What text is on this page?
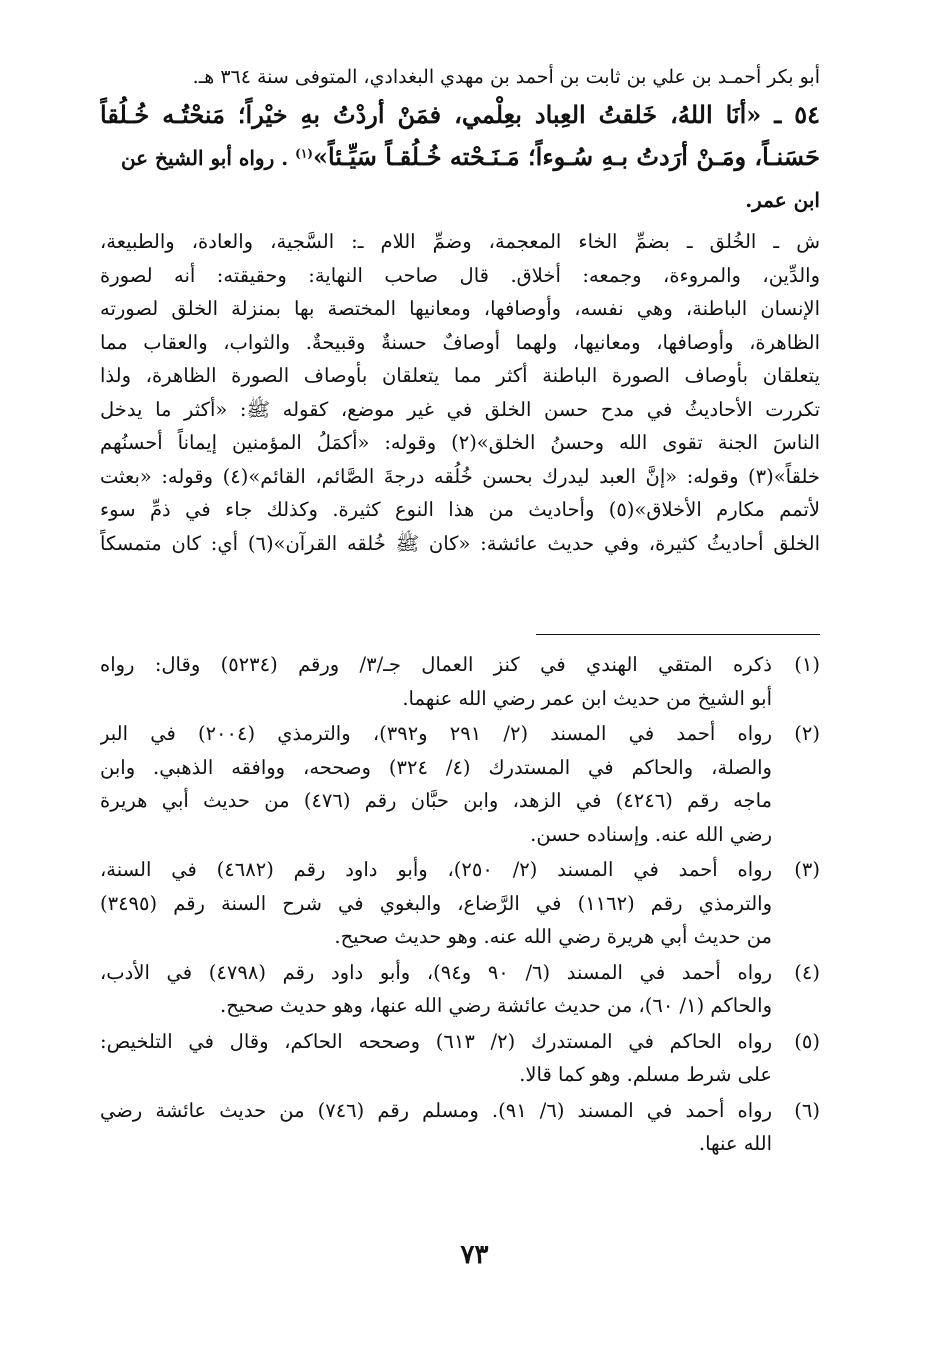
أبو بكر أحمـد بن علي بن ثابت بن أحمد بن مهدي البغدادي، المتوفى سنة ٣٦٤ هـ.
٥٤ ـ «أنَا اللهُ، خَلقتُ العِباد بعِلْمي، فمَنْ أردْتُ بهِ خيْراً؛ مَنحْتُـه خُـلُقاً
حَسَنـاً، ومَـنْ أرَدتُ بـهِ سُـوءاً؛ مَـنَـحْته خُـلُقـاً سَيِّـئاً»$^{(١)}$ . رواه أبو الشيخ عن
ابن عمر.
ش ـ الخُلق ـ بضمِّ الخاء المعجمة، وضمِّ اللام ـ: السَّجية، والعادة، والطبيعة،
والدِّين، والمروءة، وجمعه: أخلاق. قال صاحب النهاية: وحقيقته: أنه لصورة
الإنسان الباطنة، وهي نفسه، وأوصافها، ومعانيها المختصة بها بمنزلة الخلق لصورته
الظاهرة، وأوصافها، ومعانيها، ولهما أوصافٌ حسنةٌ وقبيحةٌ. والثواب، والعقاب مما
يتعلقان بأوصاف الصورة الباطنة أكثر مما يتعلقان بأوصاف الصورة الظاهرة، ولذا
تكررت الأحاديثُ في مدح حسن الخلق في غير موضع، كقوله ﷺ: «أكثر ما يدخل
الناسَ الجنة تقوى الله وحسنُ الخلق»(٢) وقوله: «أكمَلُ المؤمنين إيماناً أحسنُهم
خلقاً»(٣) وقوله: «إنَّ العبد ليدرك بحسن خُلُقه درجةَ الصَّائم، القائم»(٤) وقوله: «بعثت
لأتمم مكارم الأخلاق»(٥) وأحاديث من هذا النوع كثيرة. وكذلك جاء في ذمِّ سوء
الخلق أحاديثُ كثيرة، وفي حديث عائشة: «كان ﷺ خُلقه القرآن»(٦) أي: كان متمسكاً
(١)
ذكره المتقي الهندي في كنز العمال جـ/٣/ ورقم (٥٢٣٤) وقال: رواه
أبو الشيخ من حديث ابن عمر رضي الله عنهما.
(٢)
رواه أحمد في المسند (٢/ ٢٩١ و٣٩٢)، والترمذي (٢٠٠٤) في البر
والصلة، والحاكم في المستدرك (٤/ ٣٢٤) وصححه، ووافقه الذهبي. وابن
ماجه رقم (٤٢٤٦) في الزهد، وابن حبَّان رقم (٤٧٦) من حديث أبي هريرة
رضي الله عنه. وإسناده حسن.
(٣)
رواه أحمد في المسند (٢/ ٢٥٠)، وأبو داود رقم (٤٦٨٢) في السنة،
والترمذي رقم (١١٦٢) في الرَّضاع، والبغوي في شرح السنة رقم (٣٤٩٥)
من حديث أبي هريرة رضي الله عنه. وهو حديث صحيح.
(٤)
رواه أحمد في المسند (٦/ ٩٠ و٩٤)، وأبو داود رقم (٤٧٩٨) في الأدب،
والحاكم (١/ ٦٠)، من حديث عائشة رضي الله عنها، وهو حديث صحيح.
(٥)
رواه الحاكم في المستدرك (٢/ ٦١٣) وصححه الحاكم، وقال في التلخيص:
على شرط مسلم. وهو كما قالا.
(٦)
رواه أحمد في المسند (٦/ ٩١). ومسلم رقم (٧٤٦) من حديث عائشة رضي
الله عنها.
٧٣
